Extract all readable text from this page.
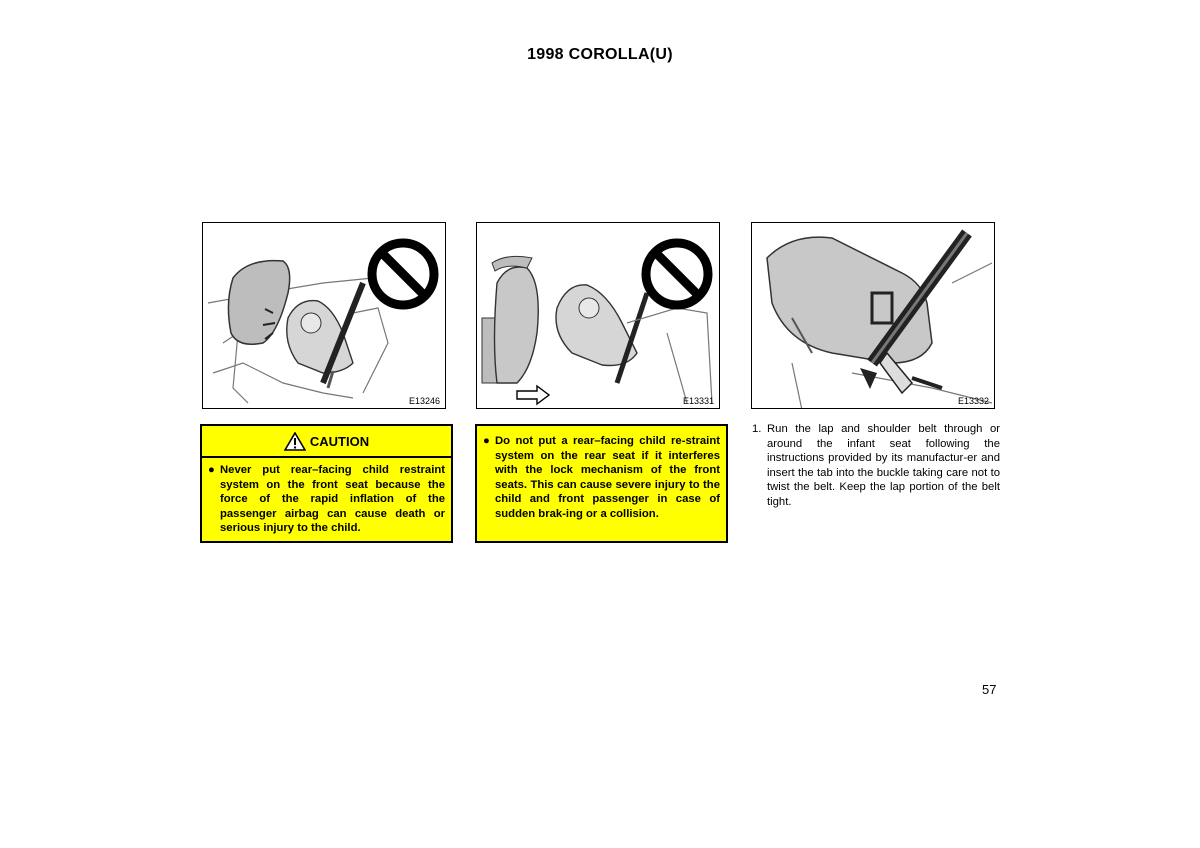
1998 COROLLA(U)
E13246	E13331	E13332
CAUTION
● Never put rear–facing child restraint system on the front seat because the force of the rapid inflation of the passenger airbag can cause death or serious injury to the child.
● Do not put a rear–facing child re-straint system on the rear seat if it interferes with the lock mechanism of the front seats. This can cause severe injury to the child and front passenger in case of sudden brak-ing or a collision.
1. Run the lap and shoulder belt through or around the infant seat following the instructions provided by its manufactur-er and insert the tab into the buckle taking care not to twist the belt. Keep the lap portion of the belt tight.
57
